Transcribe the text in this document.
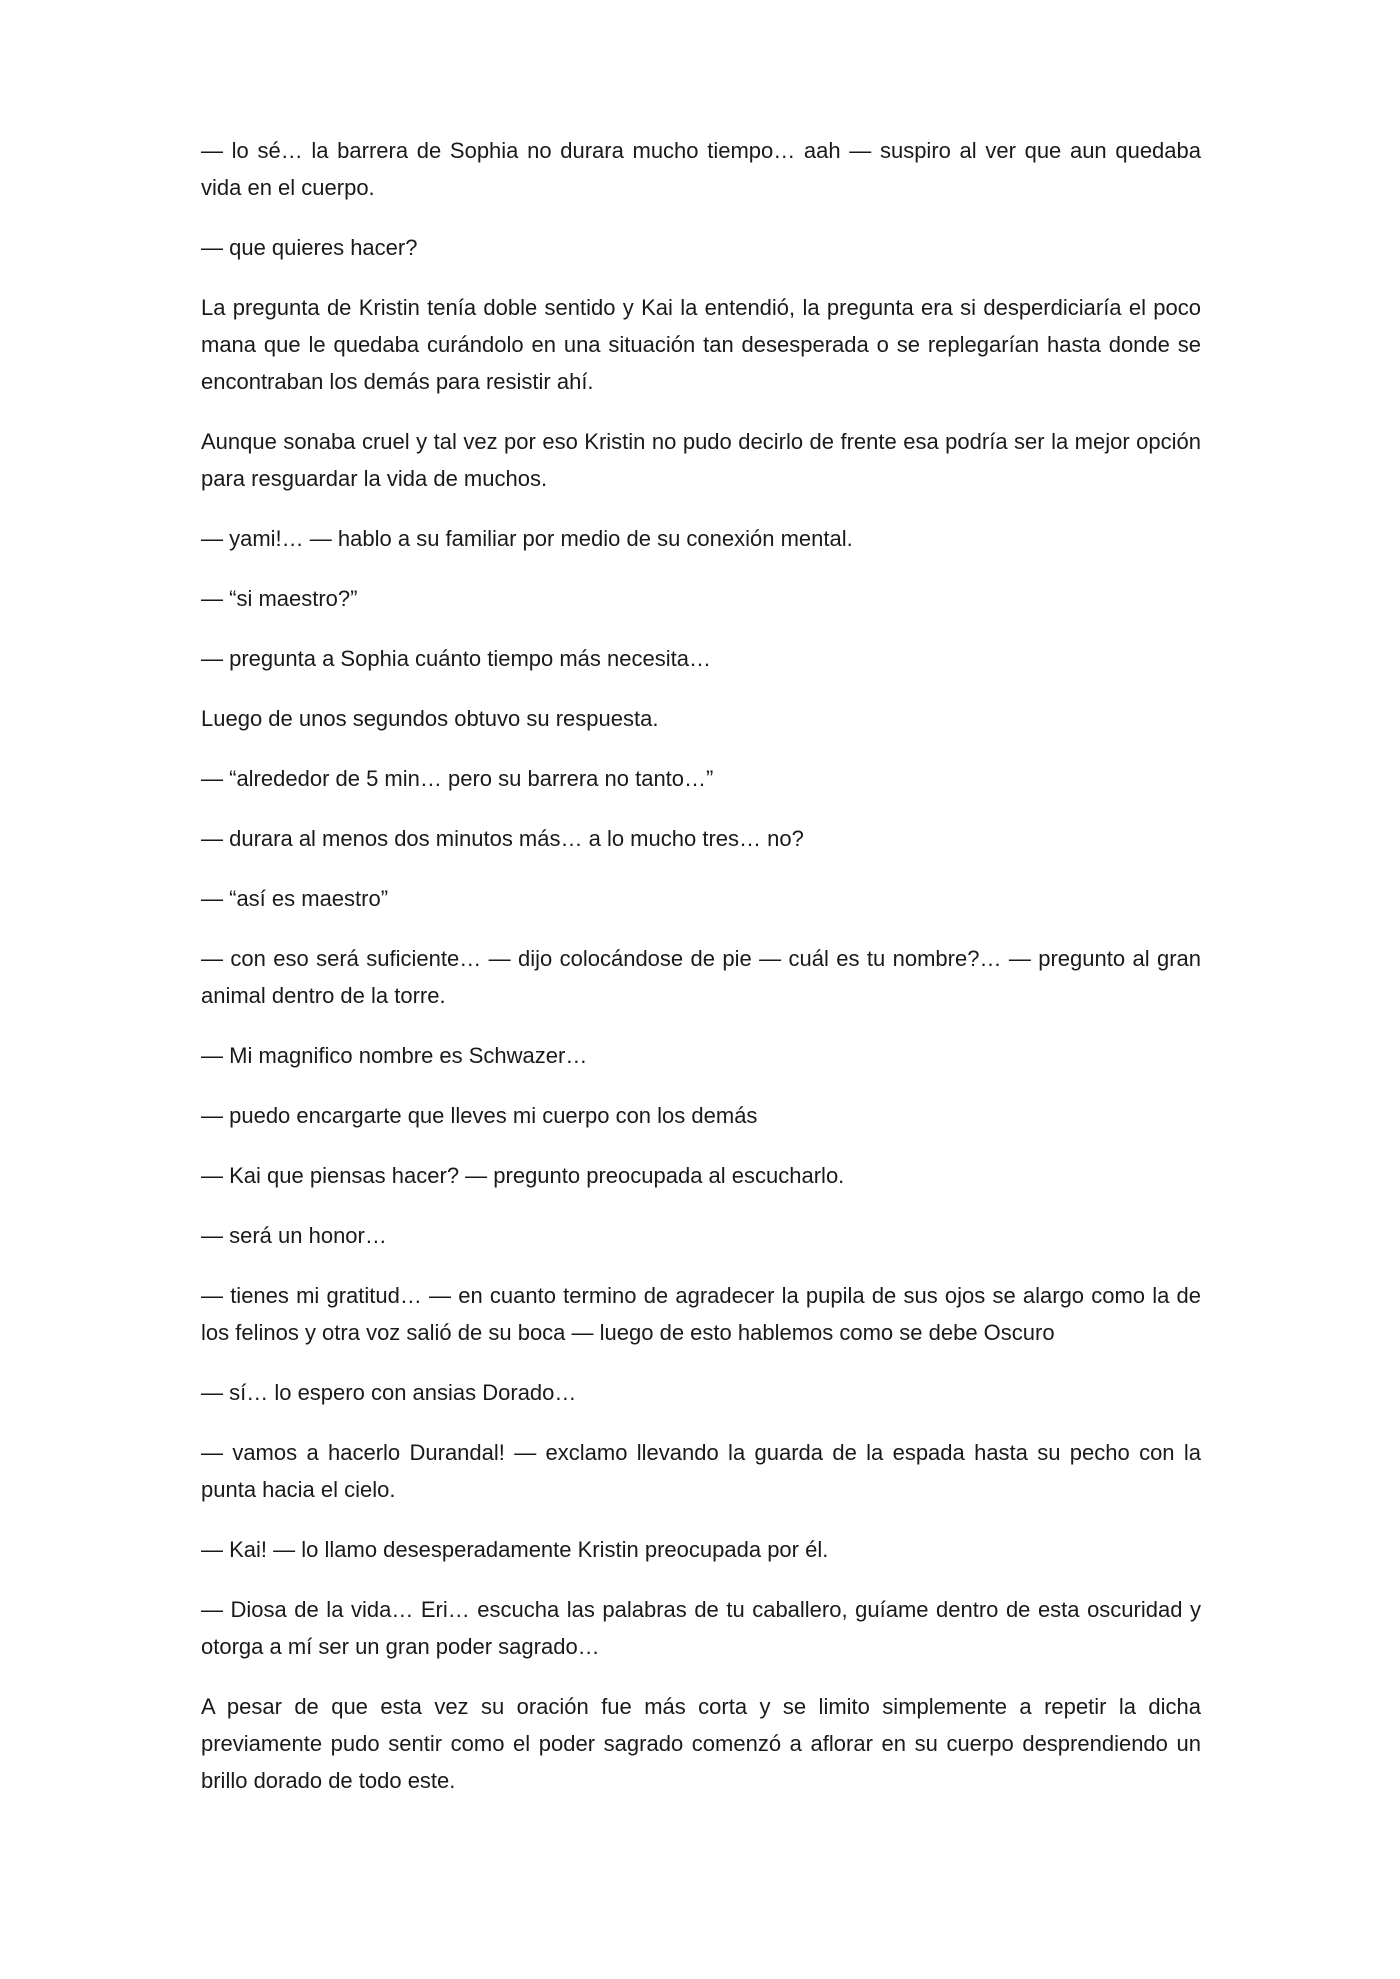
— lo sé… la barrera de Sophia no durara mucho tiempo… aah — suspiro al ver que aun quedaba vida en el cuerpo.

— que quieres hacer?

La pregunta de Kristin tenía doble sentido y Kai la entendió, la pregunta era si desperdiciaría el poco mana que le quedaba curándolo en una situación tan desesperada o se replegarían hasta donde se encontraban los demás para resistir ahí.

Aunque sonaba cruel y tal vez por eso Kristin no pudo decirlo de frente esa podría ser la mejor opción para resguardar la vida de muchos.

— yami!… — hablo a su familiar por medio de su conexión mental.

— “si maestro?”

— pregunta a Sophia cuánto tiempo más necesita…

Luego de unos segundos obtuvo su respuesta.

— “alrededor de 5 min… pero su barrera no tanto…”

— durara al menos dos minutos más… a lo mucho tres… no?

— “así es maestro”

— con eso será suficiente… — dijo colocándose de pie — cuál es tu nombre?… — pregunto al gran animal dentro de la torre.

— Mi magnifico nombre es Schwazer…

— puedo encargarte que lleves mi cuerpo con los demás

— Kai que piensas hacer? — pregunto preocupada al escucharlo.

— será un honor…

— tienes mi gratitud… — en cuanto termino de agradecer la pupila de sus ojos se alargo como la de los felinos y otra voz salió de su boca — luego de esto hablemos como se debe Oscuro

— sí… lo espero con ansias Dorado…

— vamos a hacerlo Durandal! — exclamo llevando la guarda de la espada hasta su pecho con la punta hacia el cielo.

— Kai! — lo llamo desesperadamente Kristin preocupada por él.

— Diosa de la vida… Eri… escucha las palabras de tu caballero, guíame dentro de esta oscuridad y otorga a mí ser un gran poder sagrado…

A pesar de que esta vez su oración fue más corta y se limito simplemente a repetir la dicha previamente pudo sentir como el poder sagrado comenzó a aflorar en su cuerpo desprendiendo un brillo dorado de todo este.
